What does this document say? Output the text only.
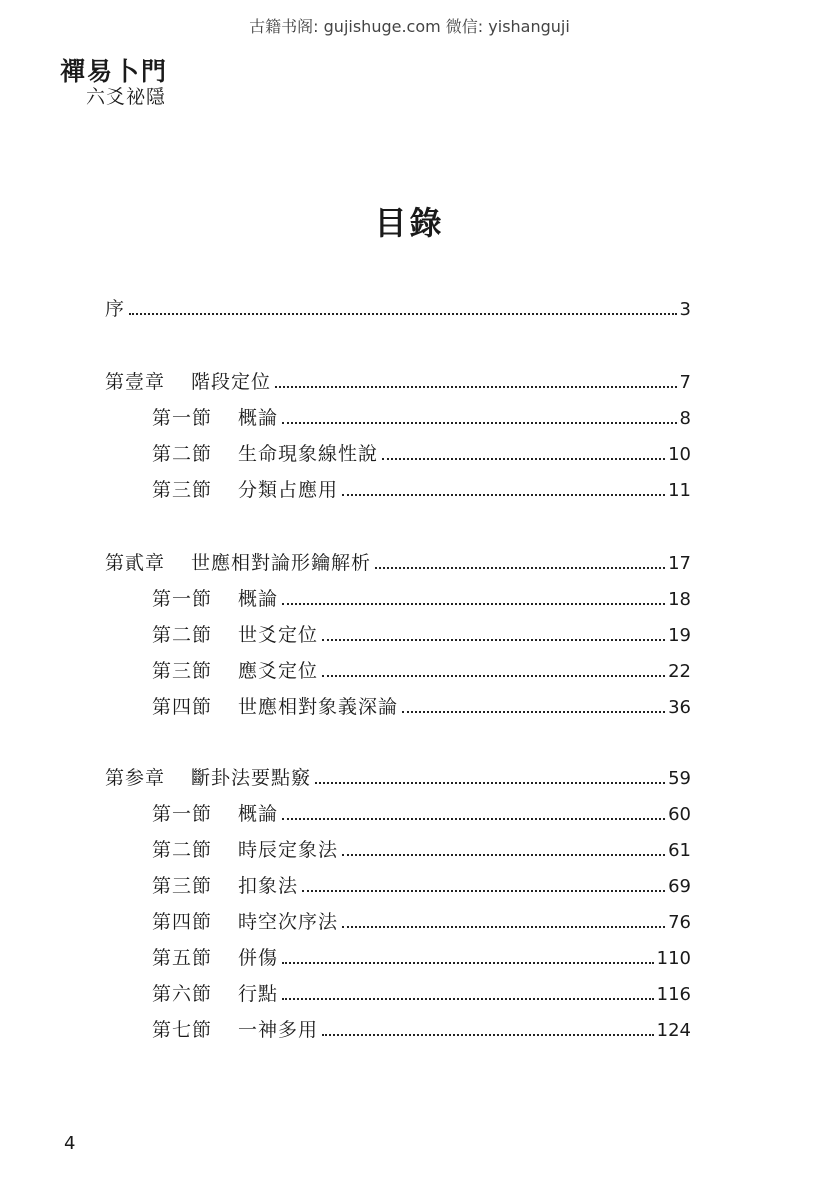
古籍书阁: gujishuge.com 微信: yishanguji
禪易卜門
六爻祕隱
目錄
序	3
第壹章 階段定位	7
第一節 概論	8
第二節 生命現象線性說	10
第三節 分類占應用	11
第貳章 世應相對論形鑰解析	17
第一節 概論	18
第二節 世爻定位	19
第三節 應爻定位	22
第四節 世應相對象義深論	36
第参章 斷卦法要點竅	59
第一節 概論	60
第二節 時辰定象法	61
第三節 扣象法	69
第四節 時空次序法	76
第五節 併傷	110
第六節 行點	116
第七節 一神多用	124
4
